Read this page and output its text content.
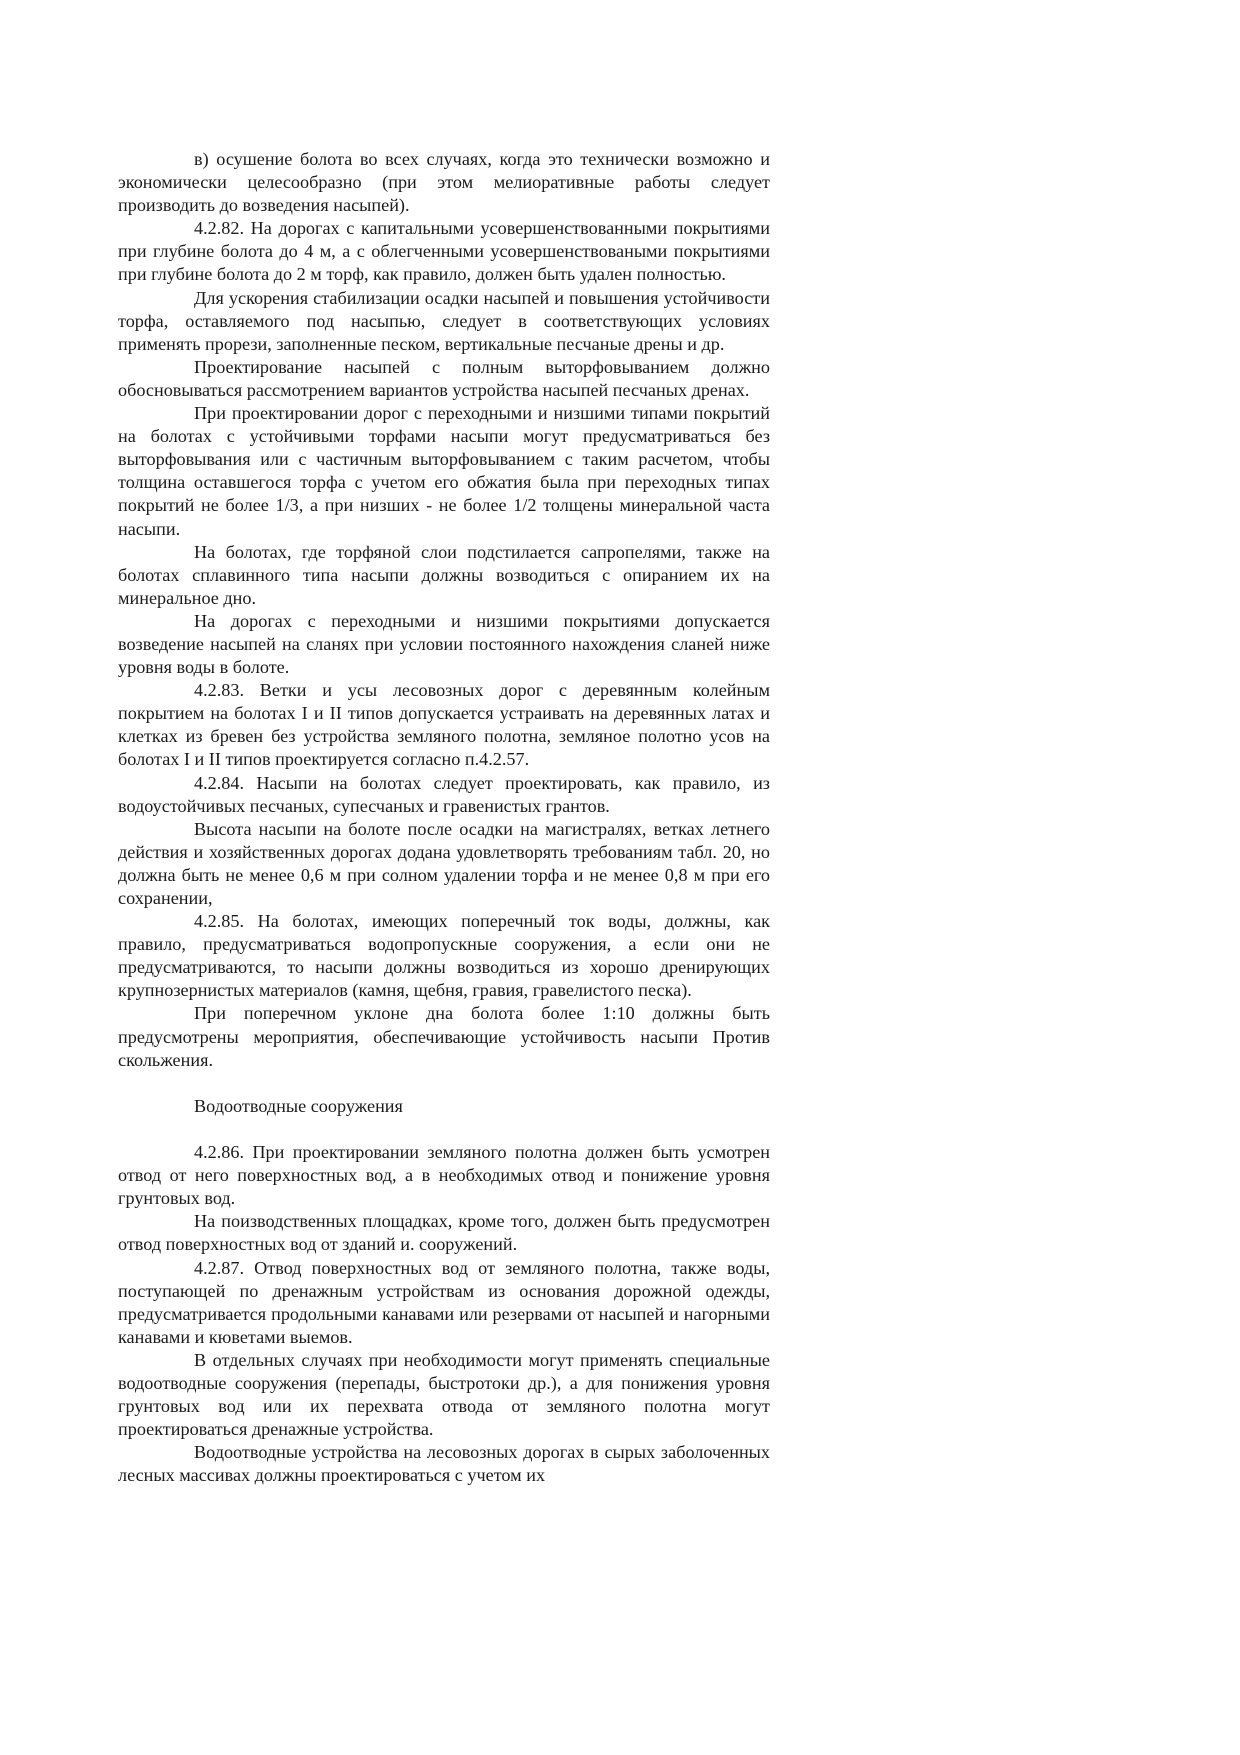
в) осушение болота во всех случаях, когда это технически возможно и экономически целесообразно (при этом мелиоративные работы следует производить до возведения насыпей).

4.2.82. На дорогах с капитальными усовершенствованными покрытиями при глубине болота до 4 м, а с облегченными усовершенствоваными покрытиями при глубине болота до 2 м торф, как правило, должен быть удален полностью.

Для ускорения стабилизации осадки насыпей и повышения устойчивости торфа, оставляемого под насыпью, следует в соответствующих условиях применять прорези, заполненные песком, вертикальные песчаные дрены и др.

Проектирование насыпей с полным выторфовыванием должно обосновываться рассмотрением вариантов устройства насыпей песчаных дренах.

При проектировании дорог с переходными и низшими типами покрытий на болотах с устойчивыми торфами насыпи могут предусматриваться без выторфовывания или с частичным выторфовыванием с таким расчетом, чтобы толщина оставшегося торфа с учетом его обжатия была при переходных типах покрытий не более 1/3, а при низших - не более 1/2 толщены минеральной часта насыпи.

На болотах, где торфяной слои подстилается сапропелями, также на болотах сплавинного типа насыпи должны возводиться с опиранием их на минеральное дно.

На дорогах с переходными и низшими покрытиями допускается возведение насыпей на сланях при условии постоянного нахождения сланей ниже уровня воды в болоте.

4.2.83. Ветки и усы лесовозных дорог с деревянным колейным покрытием на болотах I и II типов допускается устраивать на деревянных латах и клетках из бревен без устройства земляного полотна, земляное полотно усов на болотах I и II типов проектируется согласно п.4.2.57.

4.2.84. Насыпи на болотах следует проектировать, как правило, из водоустойчивых песчаных, супесчаных и гравенистых грантов.

Высота насыпи на болоте после осадки на магистралях, ветках летнего действия и хозяйственных дорогах додана удовлетворять требованиям табл. 20, но должна быть не менее 0,6 м при солном удалении торфа и не менее 0,8 м при его сохранении,

4.2.85. На болотах, имеющих поперечный ток воды, должны, как правило, предусматриваться водопропускные сооружения, а если они не предусматриваются, то насыпи должны возводиться из хорошо дренирующих крупнозернистых материалов (камня, щебня, гравия, гравелистого песка).

При поперечном уклоне дна болота более 1:10 должны быть предусмотрены мероприятия, обеспечивающие устойчивость насыпи Против скольжения.

Водоотводные сооружения

4.2.86. При проектировании земляного полотна должен быть усмотрен отвод от него поверхностных вод, а в необходимых отвод и понижение уровня грунтовых вод.

На поизводственных площадках, кроме того, должен быть предусмотрен отвод поверхностных вод от зданий и. сооружений.

4.2.87. Отвод поверхностных вод от земляного полотна, также воды, поступающей по дренажным устройствам из основания дорожной одежды, предусматривается продольными канавами или резервами от насыпей и нагорными канавами и кюветами выемов.

В отдельных случаях при необходимости могут применять специальные водоотводные сооружения (перепады, быстротоки др.), а для понижения уровня грунтовых вод или их перехвата отвода от земляного полотна могут проектироваться дренажные устройства.

Водоотводные устройства на лесовозных дорогах в сырых заболоченных лесных массивах должны проектироваться с учетом их
